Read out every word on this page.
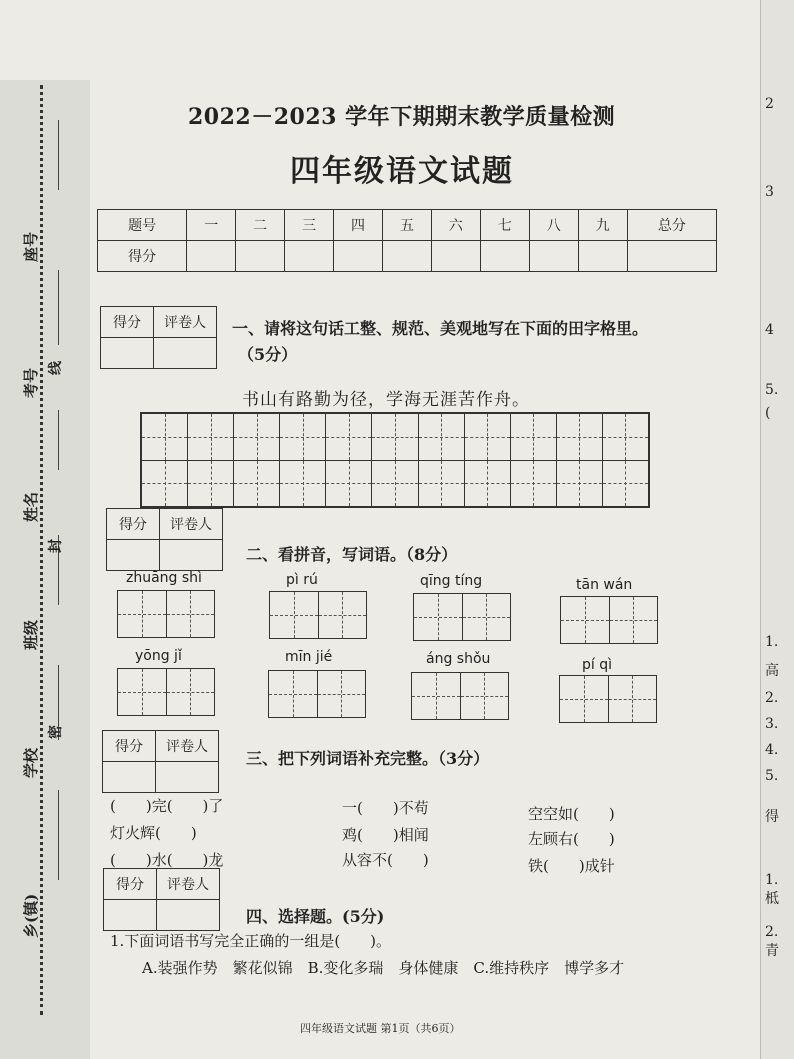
座号
考号
姓名
班级
学校
乡(镇)
线
封
密
2
3
4
5.
(
1.
高
2.
3.
4.
5.
得
1. 柢
2. 青
2022－2023 学年下期期末教学质量检测
四年级语文试题
题号	一	二	三	四	五	六	七	八	九	总分
得分										
得分	评卷人
	一、请将这句话工整、规范、美观地写在下面的田字格里。
（5分）
书山有路勤为径，学海无涯苦作舟。
得分	评卷人

二、看拼音，写词语。（8分）
zhuāng shì	pì rú	qīng tíng	tān wán
yōng jǐ	mīn jié	áng shǒu	pí qì
得分	评卷人

三、把下列词语补充完整。（3分）
(　　)完(　　)了	一(　　)不苟	空空如(　　)
灯火辉(　　)	鸡(　　)相闻	左顾右(　　)
(　　)水(　　)龙	从容不(　　)	铁(　　)成针
得分	评卷人

四、选择题。(5分)
1.下面词语书写完全正确的一组是(　　)。
A.装强作势　繁花似锦　B.变化多瑞　身体健康　C.维持秩序　博学多才
四年级语文试题 第1页（共6页）
